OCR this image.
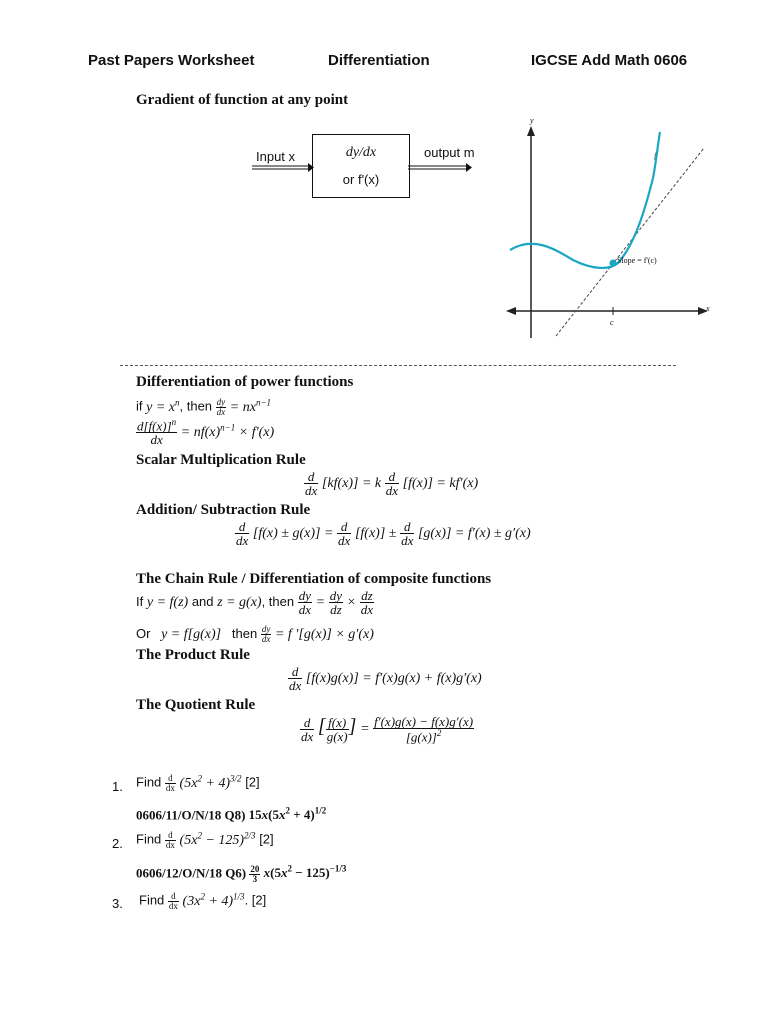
Past Papers Worksheet	Differentiation	IGCSE Add Math 0606
Gradient of function at any point
Input x	dy/dx
or f'(x)
output m
y
x
f
Slope = f'(c)
c
Differentiation of power functions
if $y = x^n$, then $\frac{dy}{dx} = nx^{n-1}$
$\frac{d[f(x)]^n}{dx} = nf(x)^{n-1} \times f'(x)$
Scalar Multiplication Rule
$\frac{d}{dx} [kf(x)] = k \frac{d}{dx} [f(x)] = kf'(x)$
Addition/ Subtraction Rule
$\frac{d}{dx} [f(x) \pm g(x)] = \frac{d}{dx} [f(x)] \pm \frac{d}{dx} [g(x)] = f'(x) \pm g'(x)$
The Chain Rule / Differentiation of composite functions
If y = f(z) and z = g(x), then $\frac{dy}{dx} = \frac{dy}{dz} \times \frac{dz}{dx}$
Or   y = f[g(x)] then $\frac{dy}{dx} = f$ ′[g(x)] × g′(x)
The Product Rule
$\frac{d}{dx} [f(x)g(x)] = f'(x)g(x) + f(x)g'(x)$
The Quotient Rule
$\frac{d}{dx}$ [ $\frac{f(x)}{g(x)}$ ] = $\frac{f'(x)g(x) - f(x)g'(x)}{[g(x)]^2}$
1. Find $\frac{d}{dx} (5x^2 + 4)^{3/2}$ [2]
0606/11/O/N/18 Q8) $15x(5x^2 + 4)^{1/2}$
2. Find $\frac{d}{dx} (5x^2 - 125)^{2/3}$ [2]
0606/12/O/N/18 $Q6) \frac{20}{3} x(5x^2 - 125)^{-1/3}$
3. Find $\frac{d}{dx} (3x^2 + 4)^{1/3}$. [2]
